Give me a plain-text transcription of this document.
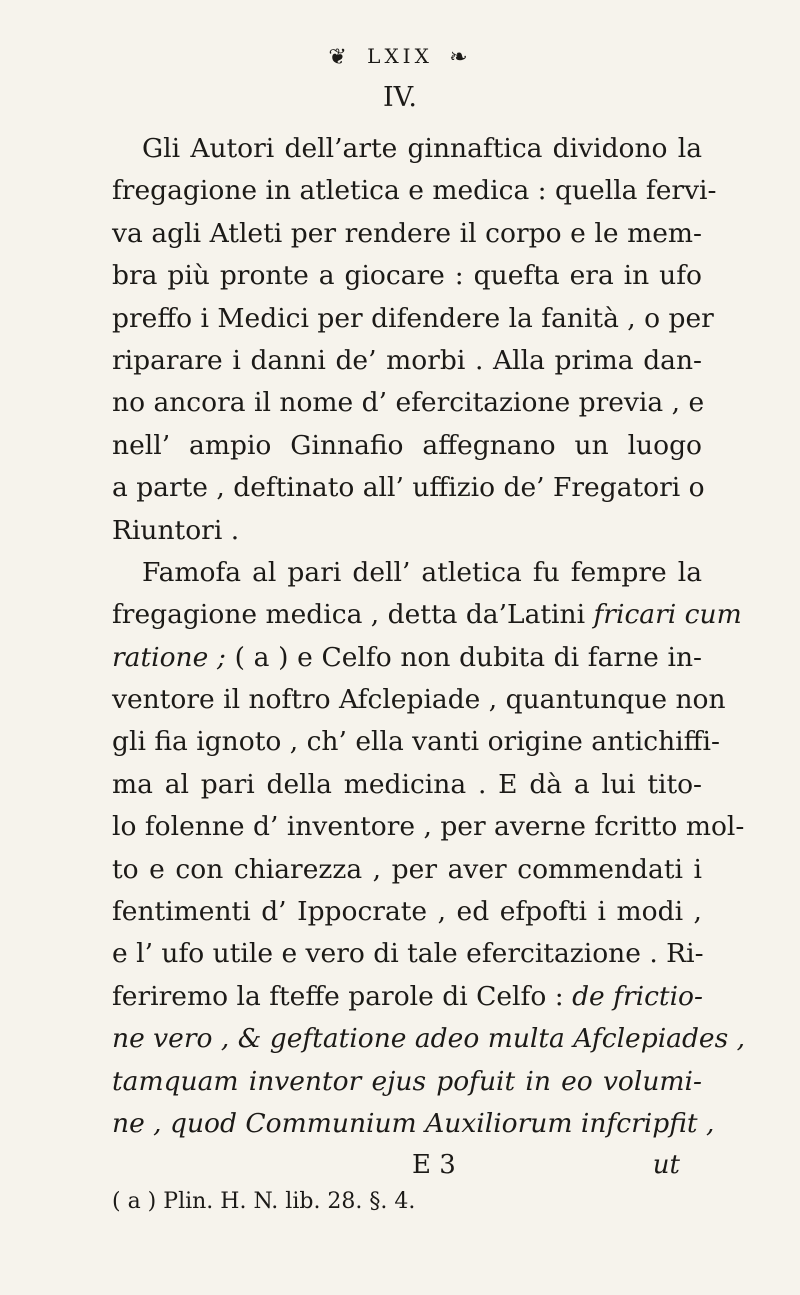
❦ LXIX ❧
IV.
Gli Autori dell’arte ginnaftica dividono la
fregagione in atletica e medica : quella fervi-
va agli Atleti per rendere il corpo e le mem-
bra più pronte a giocare : quefta era in ufo
preffo i Medici per difendere la fanità , o per
riparare i danni de’ morbi . Alla prima dan-
no ancora il nome d’ efercitazione previa , e
nell’ ampio Ginnafio affegnano un luogo
a parte , deftinato all’ uffizio de’ Fregatori o
Riuntori .
Famofa al pari dell’ atletica fu fempre la
fregagione medica , detta da’Latini fricari cum
ratione ; ( a ) e Celfo non dubita di farne in-
ventore il noftro Afclepiade , quantunque non
gli fia ignoto , ch’ ella vanti origine antichiffi-
ma al pari della medicina . E dà a lui tito-
lo folenne d’ inventore , per averne fcritto mol-
to e con chiarezza , per aver commendati i
fentimenti d’ Ippocrate , ed efpofti i modi ,
e l’ ufo utile e vero di tale efercitazione . Ri-
feriremo la fteffe parole di Celfo : de frictio-
ne vero , & geftatione adeo multa Afclepiades ,
tamquam inventor ejus pofuit in eo volumi-
ne , quod Communium Auxiliorum infcripfit ,
E 3	ut
( a ) Plin. H. N. lib. 28. §. 4.
